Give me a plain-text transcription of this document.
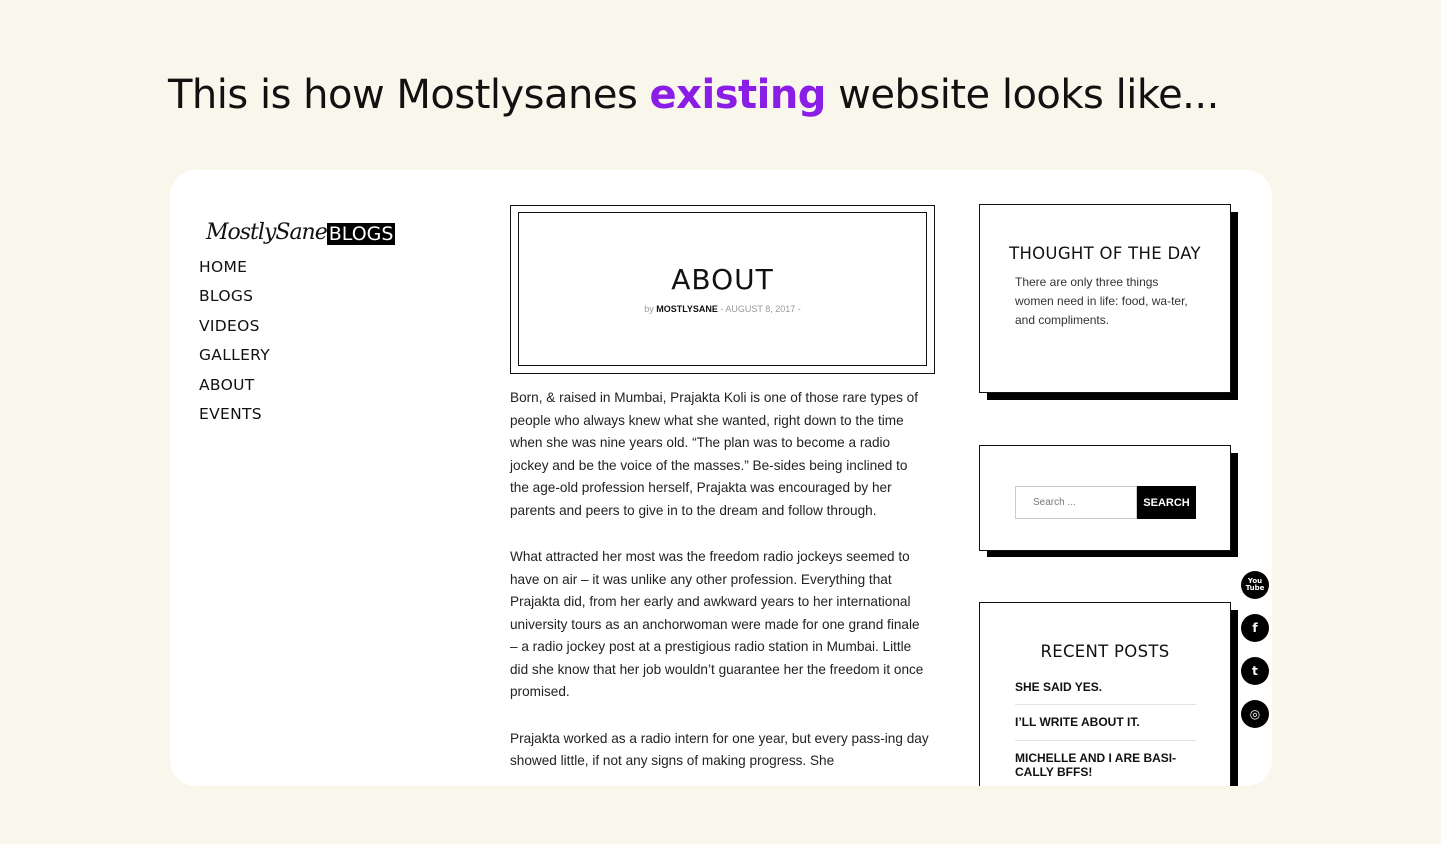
This is how Mostlysanes existing website looks like...
MostlySane BLOGS
HOME
BLOGS
VIDEOS
GALLERY
ABOUT
EVENTS
ABOUT
by MOSTLYSANE - AUGUST 8, 2017 -

Born, & raised in Mumbai, Prajakta Koli is one of those rare types of people who always knew what she wanted, right down to the time when she was nine years old. “The plan was to become a radio jockey and be the voice of the masses.” Be-sides being inclined to the age-old profession herself, Prajakta was encouraged by her parents and peers to give in to the dream and follow through.

What attracted her most was the freedom radio jockeys seemed to have on air – it was unlike any other profession. Everything that Prajakta did, from her early and awkward years to her international university tours as an anchorwoman were made for one grand finale – a radio jockey post at a prestigious radio station in Mumbai. Little did she know that her job wouldn’t guarantee her the freedom it once promised.

Prajakta worked as a radio intern for one year, but every pass-ing day showed little, if not any signs of making progress. She

THOUGHT OF THE DAY
There are only three things women need in life: food, wa-ter, and compliments.
Search ...	SEARCH
RECENT POSTS
SHE SAID YES.
I’LL WRITE ABOUT IT.
MICHELLE AND I ARE BASI-CALLY BFFS!
You Tube
f
t
◎
